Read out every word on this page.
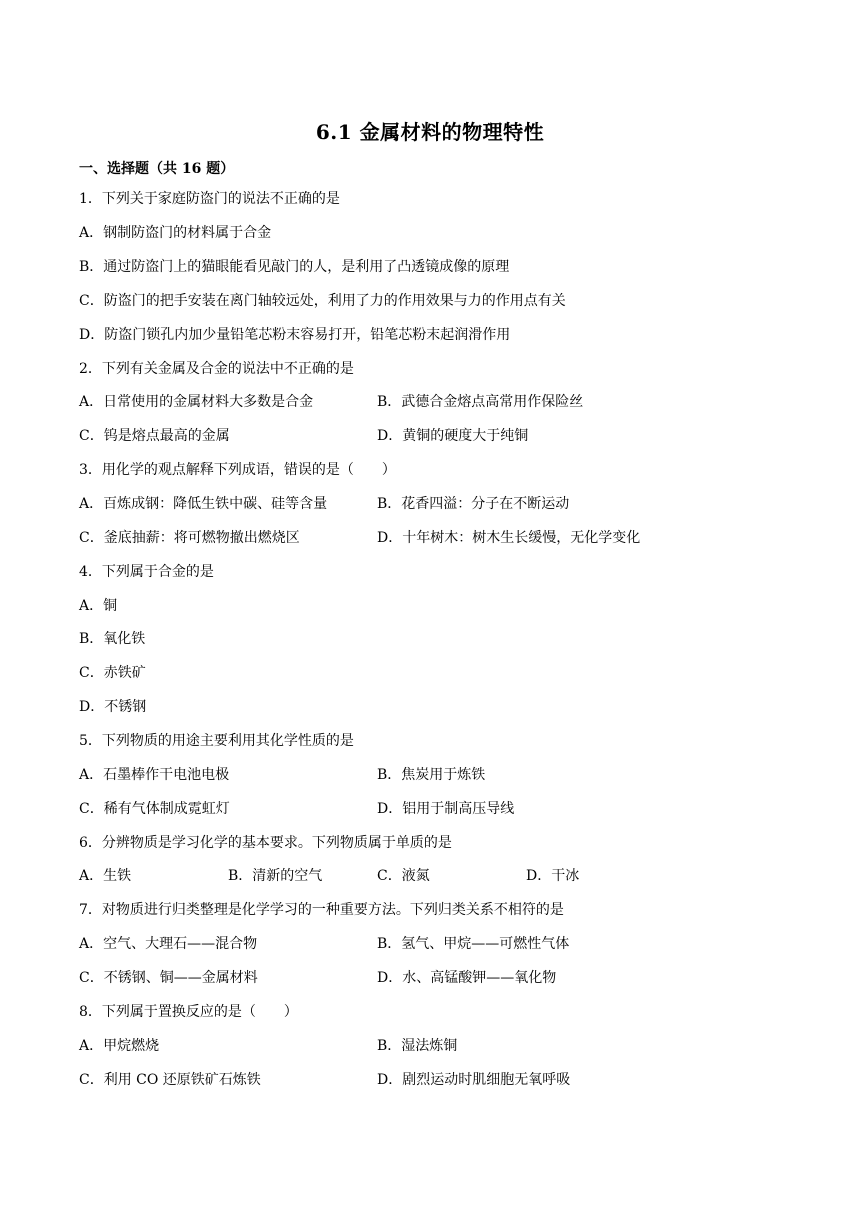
6.1 金属材料的物理特性
一、选择题（共 16 题）
1．下列关于家庭防盗门的说法不正确的是
A．钢制防盗门的材料属于合金
B．通过防盗门上的猫眼能看见敲门的人，是利用了凸透镜成像的原理
C．防盗门的把手安装在离门轴较远处，利用了力的作用效果与力的作用点有关
D．防盗门锁孔内加少量铅笔芯粉末容易打开，铅笔芯粉末起润滑作用
2．下列有关金属及合金的说法中不正确的是
A．日常使用的金属材料大多数是合金	B．武德合金熔点高常用作保险丝
C．钨是熔点最高的金属	D．黄铜的硬度大于纯铜
3．用化学的观点解释下列成语，错误的是（　　）
A．百炼成钢：降低生铁中碳、硅等含量	B．花香四溢：分子在不断运动
C．釜底抽薪：将可燃物撤出燃烧区	D．十年树木：树木生长缓慢，无化学变化
4．下列属于合金的是
A．铜
B．氧化铁
C．赤铁矿
D．不锈钢
5．下列物质的用途主要利用其化学性质的是
A．石墨棒作干电池电极	B．焦炭用于炼铁
C．稀有气体制成霓虹灯	D．铝用于制高压导线
6．分辨物质是学习化学的基本要求。下列物质属于单质的是
A．生铁	B．清新的空气	C．液氮	D．干冰
7．对物质进行归类整理是化学学习的一种重要方法。下列归类关系不相符的是
A．空气、大理石——混合物	B．氢气、甲烷——可燃性气体
C．不锈钢、铜——金属材料	D．水、高锰酸钾——氧化物
8．下列属于置换反应的是（　　）
A．甲烷燃烧	B．湿法炼铜
C．利用 CO 还原铁矿石炼铁	D．剧烈运动时肌细胞无氧呼吸
